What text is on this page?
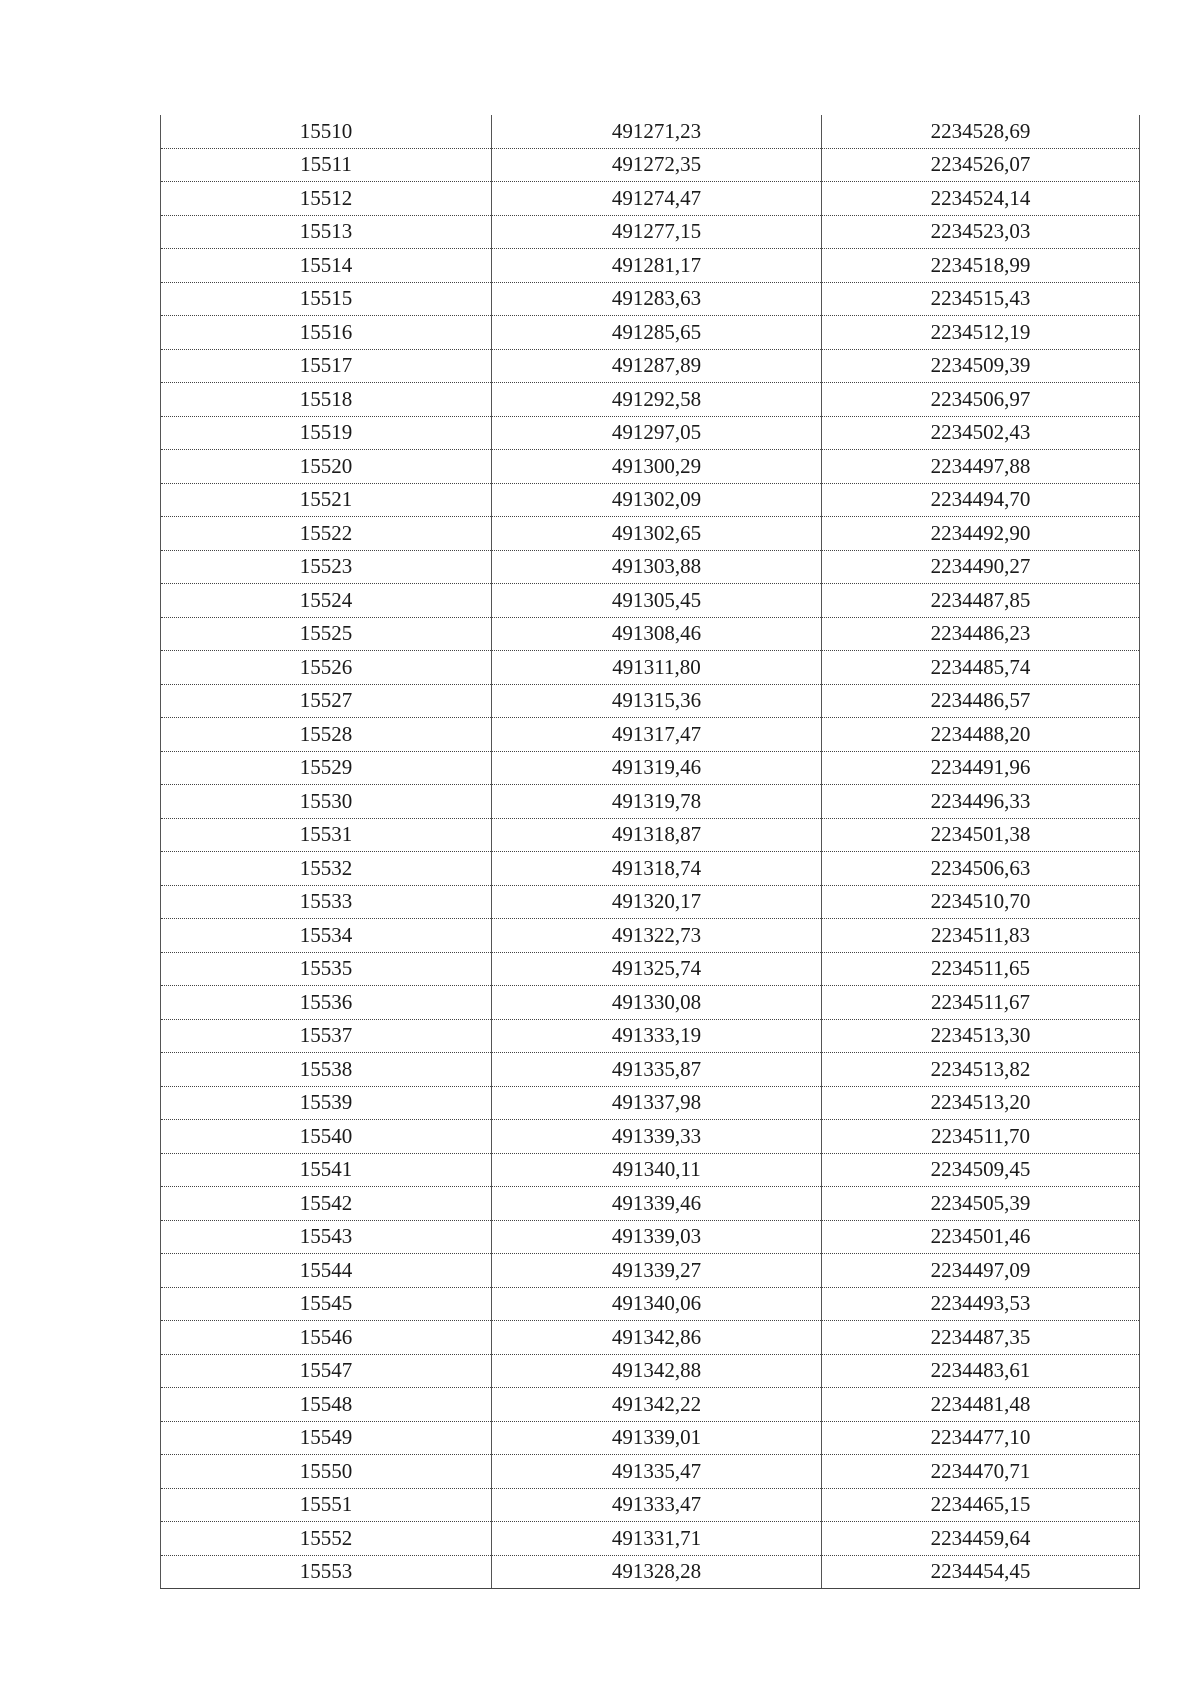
15510	491271,23	2234528,69
15511	491272,35	2234526,07
15512	491274,47	2234524,14
15513	491277,15	2234523,03
15514	491281,17	2234518,99
15515	491283,63	2234515,43
15516	491285,65	2234512,19
15517	491287,89	2234509,39
15518	491292,58	2234506,97
15519	491297,05	2234502,43
15520	491300,29	2234497,88
15521	491302,09	2234494,70
15522	491302,65	2234492,90
15523	491303,88	2234490,27
15524	491305,45	2234487,85
15525	491308,46	2234486,23
15526	491311,80	2234485,74
15527	491315,36	2234486,57
15528	491317,47	2234488,20
15529	491319,46	2234491,96
15530	491319,78	2234496,33
15531	491318,87	2234501,38
15532	491318,74	2234506,63
15533	491320,17	2234510,70
15534	491322,73	2234511,83
15535	491325,74	2234511,65
15536	491330,08	2234511,67
15537	491333,19	2234513,30
15538	491335,87	2234513,82
15539	491337,98	2234513,20
15540	491339,33	2234511,70
15541	491340,11	2234509,45
15542	491339,46	2234505,39
15543	491339,03	2234501,46
15544	491339,27	2234497,09
15545	491340,06	2234493,53
15546	491342,86	2234487,35
15547	491342,88	2234483,61
15548	491342,22	2234481,48
15549	491339,01	2234477,10
15550	491335,47	2234470,71
15551	491333,47	2234465,15
15552	491331,71	2234459,64
15553	491328,28	2234454,45
